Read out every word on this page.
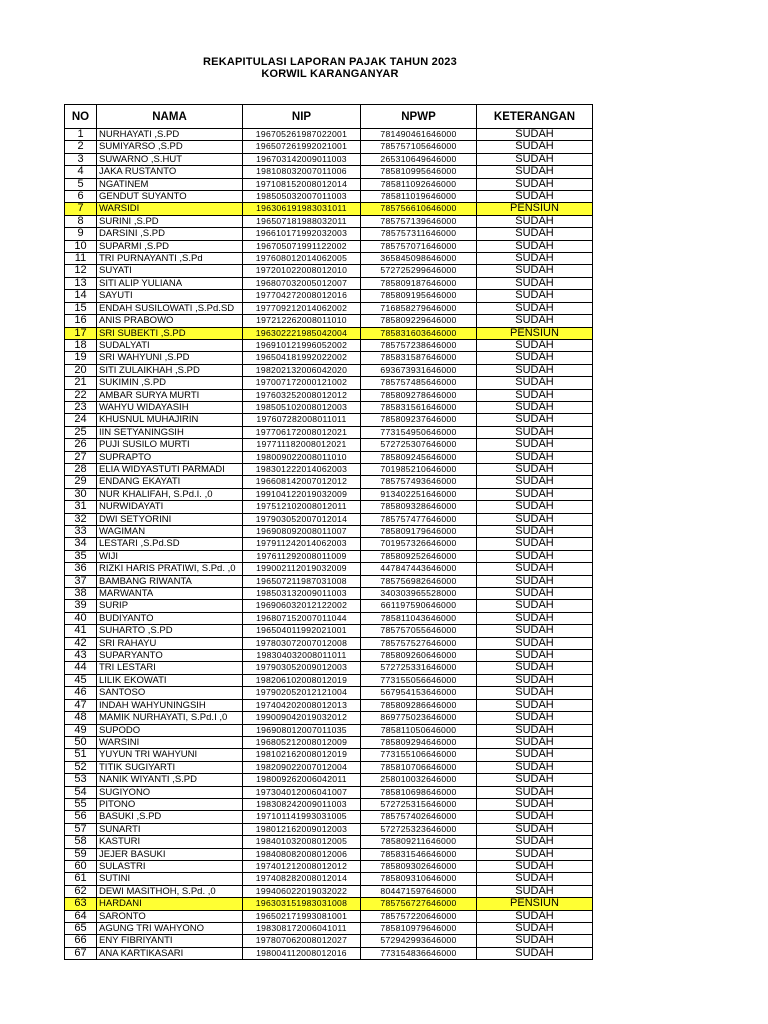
REKAPITULASI LAPORAN PAJAK TAHUN 2023
KORWIL KARANGANYAR
NO	NAMA	NIP	NPWP	KETERANGAN
1	NURHAYATI ,S.PD	196705261987022001	781490461646000	SUDAH
2	SUMIYARSO ,S.PD	196507261992021001	785757105646000	SUDAH
3	SUWARNO ,S.HUT	196703142009011003	265310649646000	SUDAH
4	JAKA RUSTANTO	198108032007011006	785810995646000	SUDAH
5	NGATINEM	197108152008012014	785811092646000	SUDAH
6	GENDUT SUYANTO	198505032007011003	785811019646000	SUDAH
7	WARSIDI	196306191983031011	785756610646000	PENSIUN
8	SURINI ,S.PD	196507181988032011	785757139646000	SUDAH
9	DARSINI ,S.PD	196610171992032003	785757311646000	SUDAH
10	SUPARMI ,S.PD	196705071991122002	785757071646000	SUDAH
11	TRI PURNAYANTI ,S.Pd	197608012014062005	365845098646000	SUDAH
12	SUYATI	197201022008012010	572725299646000	SUDAH
13	SITI ALIP YULIANA	196807032005012007	785809187646000	SUDAH
14	SAYUTI	197704272008012016	785809195646000	SUDAH
15	ENDAH SUSILOWATI ,S.Pd.SD	197709212014062002	716858279646000	SUDAH
16	ANIS PRABOWO	197212262008011010	785809229646000	SUDAH
17	SRI SUBEKTI ,S.PD	196302221985042004	785831603646000	PENSIUN
18	SUDALYATI	196910121996052002	785757238646000	SUDAH
19	SRI WAHYUNI ,S.PD	196504181992022002	785831587646000	SUDAH
20	SITI ZULAIKHAH ,S.PD	198202132006042020	693673931646000	SUDAH
21	SUKIMIN ,S.PD	197007172000121002	785757485646000	SUDAH
22	AMBAR SURYA MURTI	197603252008012012	785809278646000	SUDAH
23	WAHYU WIDAYASIH	198505102008012003	785831561646000	SUDAH
24	KHUSNUL MUHAJIRIN	197607282008011011	785809237646000	SUDAH
25	IIN SETYANINGSIH	197706172008012021	773154950646000	SUDAH
26	PUJI SUSILO MURTI	197711182008012021	572725307646000	SUDAH
27	SUPRAPTO	198009022008011010	785809245646000	SUDAH
28	ELIA WIDYASTUTI PARMADI	198301222014062003	701985210646000	SUDAH
29	ENDANG EKAYATI	196608142007012012	785757493646000	SUDAH
30	NUR KHALIFAH, S.Pd.I. ,0	199104122019032009	913402251646000	SUDAH
31	NURWIDAYATI	197512102008012011	785809328646000	SUDAH
32	DWI SETYORINI	197903052007012014	785757477646000	SUDAH
33	WAGIMAN	196908092008011007	785809179646000	SUDAH
34	LESTARI ,S.Pd.SD	197911242014062003	701957326646000	SUDAH
35	WIJI	197611292008011009	785809252646000	SUDAH
36	RIZKI HARIS PRATIWI, S.Pd. ,0	199002112019032009	447847443646000	SUDAH
37	BAMBANG RIWANTA	196507211987031008	785756982646000	SUDAH
38	MARWANTA	198503132009011003	340303965528000	SUDAH
39	SURIP	196906032012122002	661197590646000	SUDAH
40	BUDIYANTO	196807152007011044	785811043646000	SUDAH
41	SUHARTO ,S.PD	196504011992021001	785757055646000	SUDAH
42	SRI RAHAYU	197803072007012008	785757527646000	SUDAH
43	SUPARYANTO	198304032008011011	785809260646000	SUDAH
44	TRI LESTARI	197903052009012003	572725331646000	SUDAH
45	LILIK EKOWATI	198206102008012019	773155056646000	SUDAH
46	SANTOSO	197902052012121004	567954153646000	SUDAH
47	INDAH WAHYUNINGSIH	197404202008012013	785809286646000	SUDAH
48	MAMIK NURHAYATI, S.Pd.I ,0	199009042019032012	869775023646000	SUDAH
49	SUPODO	196908012007011035	785811050646000	SUDAH
50	WARSINI	196805212008012009	785809294646000	SUDAH
51	YUYUN TRI WAHYUNI	198102162008012019	773155106646000	SUDAH
52	TITIK SUGIYARTI	198209022007012004	785810706646000	SUDAH
53	NANIK WIYANTI ,S.PD	198009262006042011	258010032646000	SUDAH
54	SUGIYONO	197304012006041007	785810698646000	SUDAH
55	PITONO	198308242009011003	572725315646000	SUDAH
56	BASUKI ,S.PD	197101141993031005	785757402646000	SUDAH
57	SUNARTI	198012162009012003	572725323646000	SUDAH
58	KASTURI	198401032008012005	785809211646000	SUDAH
59	JEJER BASUKI	198408082008012006	785831546646000	SUDAH
60	SULASTRI	197401212008012012	785809302646000	SUDAH
61	SUTINI	197408282008012014	785809310646000	SUDAH
62	DEWI MASITHOH, S.Pd. ,0	199406022019032022	804471597646000	SUDAH
63	HARDANI	196303151983031008	785756727646000	PENSIUN
64	SARONTO	196502171993081001	785757220646000	SUDAH
65	AGUNG TRI WAHYONO	198308172006041011	785810979646000	SUDAH
66	ENY FIBRIYANTI	197807062008012027	572942993646000	SUDAH
67	ANA KARTIKASARI	198004112008012016	773154836646000	SUDAH
